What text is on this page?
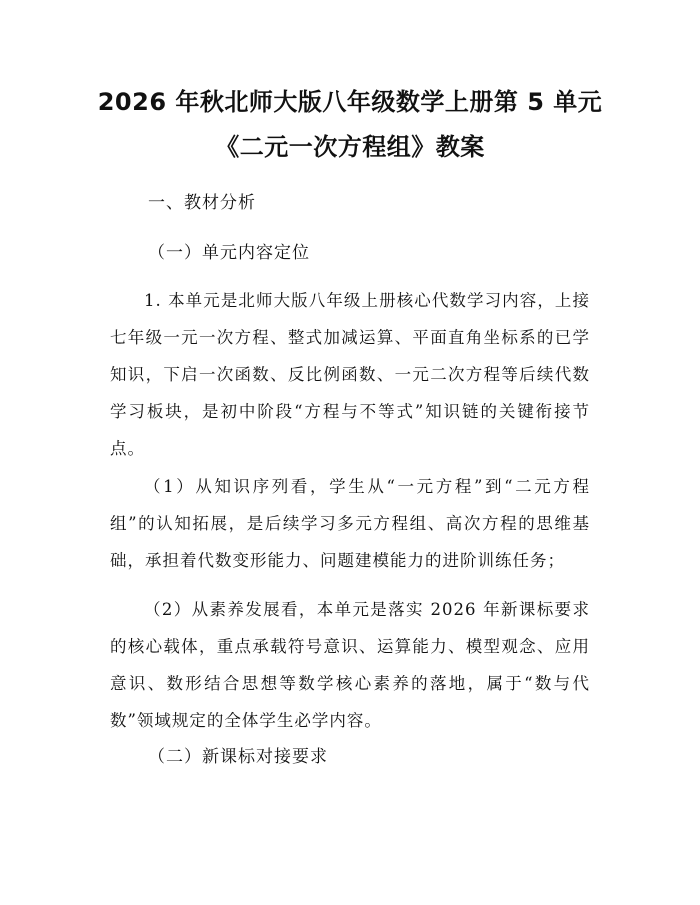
2026 年秋北师大版八年级数学上册第 5 单元
《二元一次方程组》教案

一、教材分析

（一）单元内容定位

1. 本单元是北师大版八年级上册核心代数学习内容，上接七年级一元一次方程、整式加减运算、平面直角坐标系的已学知识，下启一次函数、反比例函数、一元二次方程等后续代数学习板块，是初中阶段“方程与不等式”知识链的关键衔接节点。

（1）从知识序列看，学生从“一元方程”到“二元方程组”的认知拓展，是后续学习多元方程组、高次方程的思维基础，承担着代数变形能力、问题建模能力的进阶训练任务；

（2）从素养发展看，本单元是落实 2026 年新课标要求的核心载体，重点承载符号意识、运算能力、模型观念、应用意识、数形结合思想等数学核心素养的落地，属于“数与代数”领域规定的全体学生必学内容。

（二）新课标对接要求
